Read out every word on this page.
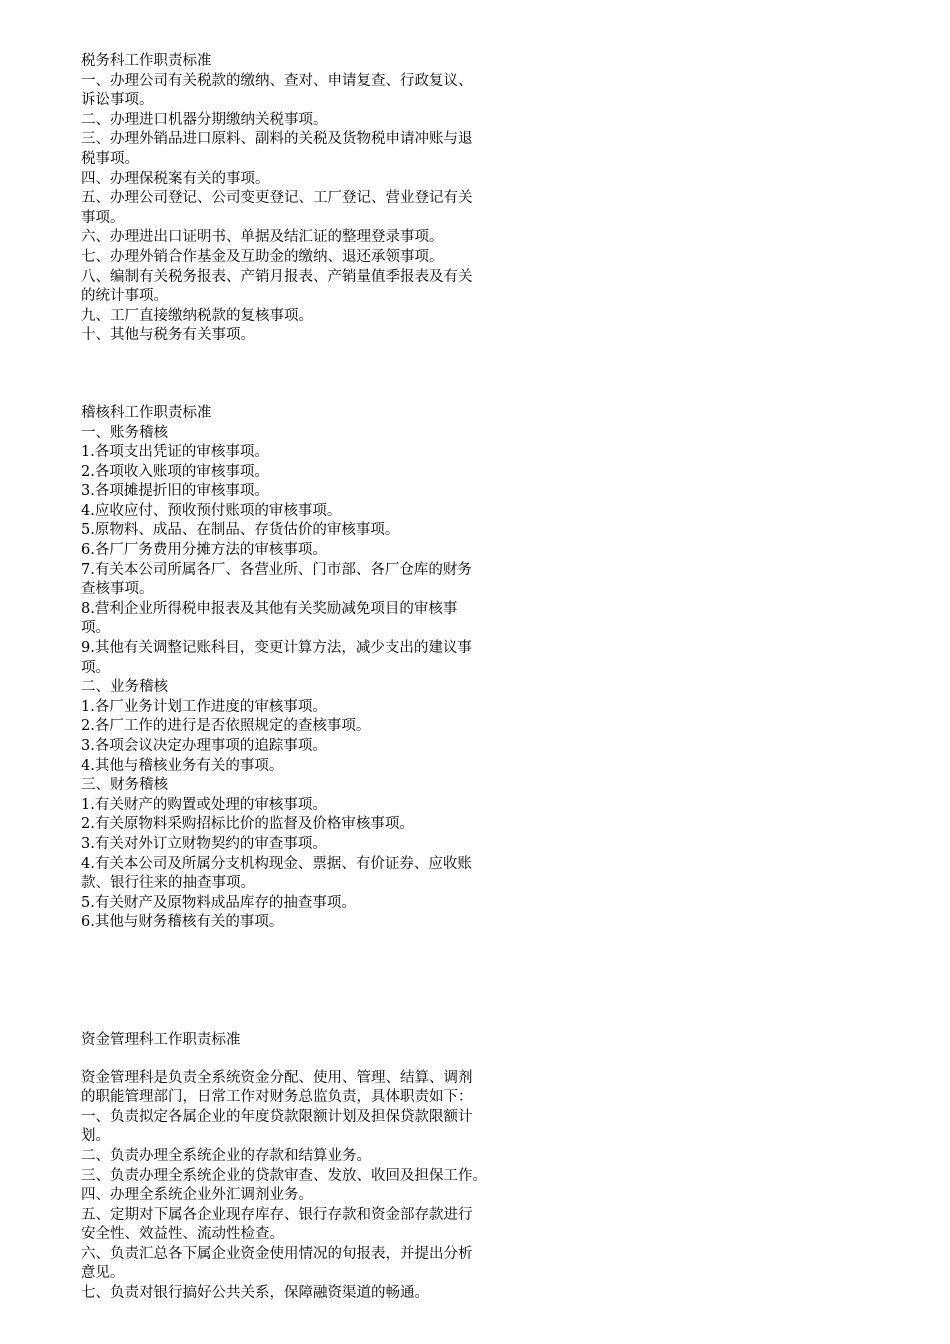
税务科工作职责标准
一、办理公司有关税款的缴纳、查对、申请复查、行政复议、
诉讼事项。
二、办理进口机器分期缴纳关税事项。
三、办理外销品进口原料、副料的关税及货物税申请冲账与退
税事项。
四、办理保税案有关的事项。
五、办理公司登记、公司变更登记、工厂登记、营业登记有关
事项。
六、办理进出口证明书、单据及结汇证的整理登录事项。
七、办理外销合作基金及互助金的缴纳、退还承领事项。
八、编制有关税务报表、产销月报表、产销量值季报表及有关
的统计事项。
九、工厂直接缴纳税款的复核事项。
十、其他与税务有关事项。
稽核科工作职责标准
一、账务稽核
1.各项支出凭证的审核事项。
2.各项收入账项的审核事项。
3.各项摊提折旧的审核事项。
4.应收应付、预收预付账项的审核事项。
5.原物料、成品、在制品、存货估价的审核事项。
6.各厂厂务费用分摊方法的审核事项。
7.有关本公司所属各厂、各营业所、门市部、各厂仓库的财务
查核事项。
8.营利企业所得税申报表及其他有关奖励减免项目的审核事
项。
9.其他有关调整记账科目，变更计算方法，减少支出的建议事
项。
二、业务稽核
1.各厂业务计划工作进度的审核事项。
2.各厂工作的进行是否依照规定的查核事项。
3.各项会议决定办理事项的追踪事项。
4.其他与稽核业务有关的事项。
三、财务稽核
1.有关财产的购置或处理的审核事项。
2.有关原物料采购招标比价的监督及价格审核事项。
3.有关对外订立财物契约的审查事项。
4.有关本公司及所属分支机构现金、票据、有价证券、应收账
款、银行往来的抽查事项。
5.有关财产及原物料成品库存的抽查事项。
6.其他与财务稽核有关的事项。
资金管理科工作职责标准
资金管理科是负责全系统资金分配、使用、管理、结算、调剂
的职能管理部门，日常工作对财务总监负责，具体职责如下：
一、负责拟定各属企业的年度贷款限额计划及担保贷款限额计
划。
二、负责办理全系统企业的存款和结算业务。
三、负责办理全系统企业的贷款审查、发放、收回及担保工作。
四、办理全系统企业外汇调剂业务。
五、定期对下属各企业现存库存、银行存款和资金部存款进行
安全性、效益性、流动性检查。
六、负责汇总各下属企业资金使用情况的旬报表，并提出分析
意见。
七、负责对银行搞好公共关系，保障融资渠道的畅通。
